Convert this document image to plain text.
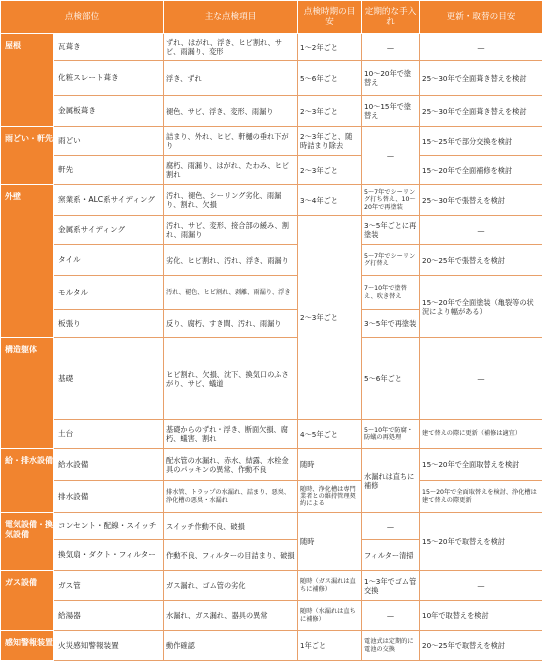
点検部位		主な点検項目	点検時期の目安	定期的な手入れ	更新・取替の目安	
屋根	瓦葺き	ずれ、はがれ、浮き、ヒビ割れ、サビ、雨漏り、変形	1〜2年ごと	—	—	
	化粧スレート葺き	浮き、ずれ	5〜6年ごと	10〜20年で塗替え	25〜30年で全面葺き替えを検討	
	金属板葺き	褪色、サビ、浮き、変形、雨漏り	2〜3年ごと	10〜15年で塗替え	25〜30年で全面葺き替えを検討	
雨どい・軒先	雨どい	詰まり、外れ、ヒビ、軒樋の垂れ下がり	2〜3年ごと、随時詰まり除去	—	15〜25年で部分交換を検討	
	軒先	腐朽、雨漏り、はがれ、たわみ、ヒビ割れ	2〜3年ごと		15〜20年で全面補修を検討	
外壁	窯業系・ALC系サイディング	汚れ、褪色、シーリング劣化、雨漏り、割れ、欠損	3〜4年ごと	5〜7年でシーリング打ち替え、10〜20年で再塗装	25〜30年で張替えを検討	
	金属系サイディング	汚れ、サビ、変形、接合部の緩み、割れ、雨漏り	2〜3年ごと	3〜5年ごとに再塗装	—	
	タイル	劣化、ヒビ割れ、汚れ、浮き、雨漏り		5〜7年でシーリング打替え	20〜25年で張替えを検討	
	モルタル	汚れ、褪色、ヒビ割れ、剥離、雨漏り、浮き		7〜10年で塗替え、吹き替え	15〜20年で全面塗装（亀裂等の状況により幅がある）	
	板張り	反り、腐朽、すき間、汚れ、雨漏り		3〜5年で再塗装		
構造躯体	基礎	ヒビ割れ、欠損、沈下、換気口のふさがり、サビ、蟻道		5〜6年ごと	—	
	土台	基礎からのずれ・浮き、断面欠損、腐朽、蟻害、割れ	4〜5年ごと	5〜10年で防腐・防蟻の再処理	建て替えの際に更新（補修は適宜）	
給・排水設備	給水設備	配水管の水漏れ、赤水、結露、水栓金具のパッキンの異常、作動不良	随時	水漏れは直ちに補修	15〜20年で全面取替えを検討	
	排水設備	排水管、トラップの水漏れ、詰まり、悪臭、浄化槽の悪臭・水漏れ	随時、浄化槽は専門業者との維持管理契約による		15〜20年で全面取替えを検討、浄化槽は建て替えの際更新	
電気設備・換気設備	コンセント・配線・スイッチ	スイッチ作動不良、破損	随時	—	15〜20年で取替えを検討	
	換気扇・ダクト・フィルター	作動不良、フィルターの目詰まり、破損		フィルター清掃		
ガス設備	ガス管	ガス漏れ、ゴム管の劣化	随時（ガス漏れは直ちに補修）	1〜3年でゴム管交換	—	
	給湯器	水漏れ、ガス漏れ、器具の異常	随時（水漏れは直ちに補修）	—	10年で取替えを検討	
感知警報装置	火災感知警報装置	動作確認	1年ごと	電池式は定期的に電池の交換	20〜25年で取替えを検討	
